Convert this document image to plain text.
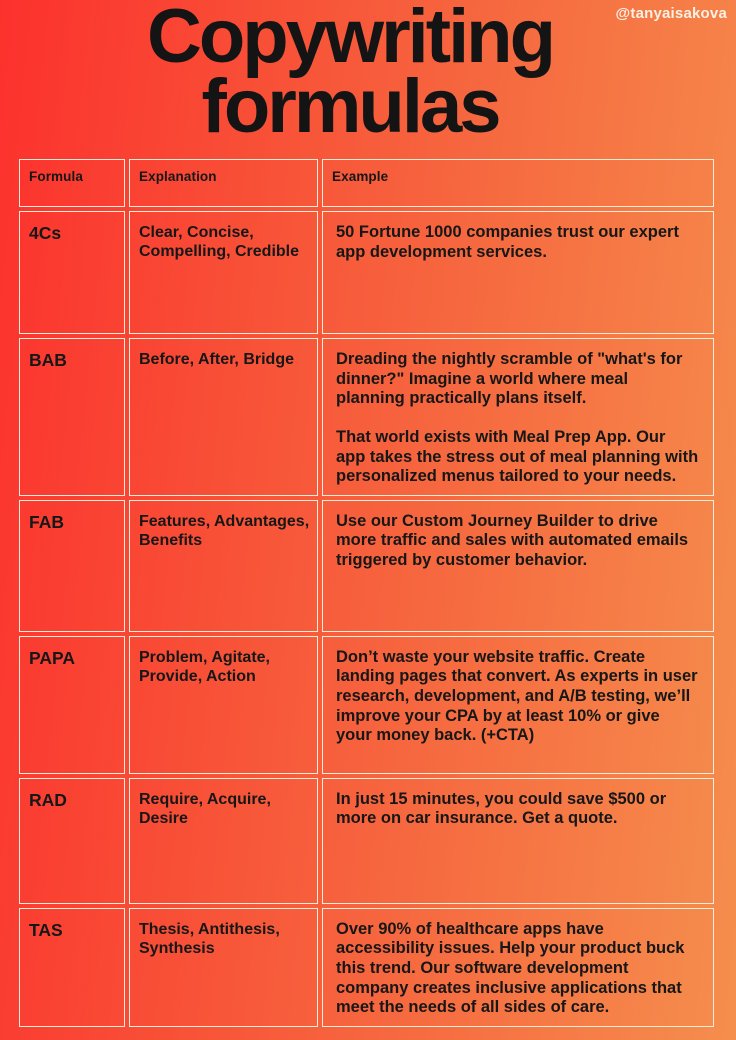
@tanyaisakova
Copywriting
formulas
Formula	Explanation	Example
4Cs	Clear, Concise, Compelling, Credible	50 Fortune 1000 companies trust our expert app development services.

BAB	Before, After, Bridge	Dreading the nightly scramble of "what's for dinner?" Imagine a world where meal planning practically plans itself.

That world exists with Meal Prep App. Our app takes the stress out of meal planning with personalized menus tailored to your needs.

FAB	Features, Advantages, Benefits	Use our Custom Journey Builder to drive more traffic and sales with automated emails triggered by customer behavior.

PAPA	Problem, Agitate, Provide, Action	Don’t waste your website traffic. Create landing pages that convert. As experts in user research, development, and A/B testing, we’ll improve your CPA by at least 10% or give your money back. (+CTA)

RAD	Require, Acquire, Desire	In just 15 minutes, you could save $500 or more on car insurance. Get a quote.

TAS	Thesis, Antithesis, Synthesis	Over 90% of healthcare apps have accessibility issues. Help your product buck this trend. Our software development company creates inclusive applications that meet the needs of all sides of care.
